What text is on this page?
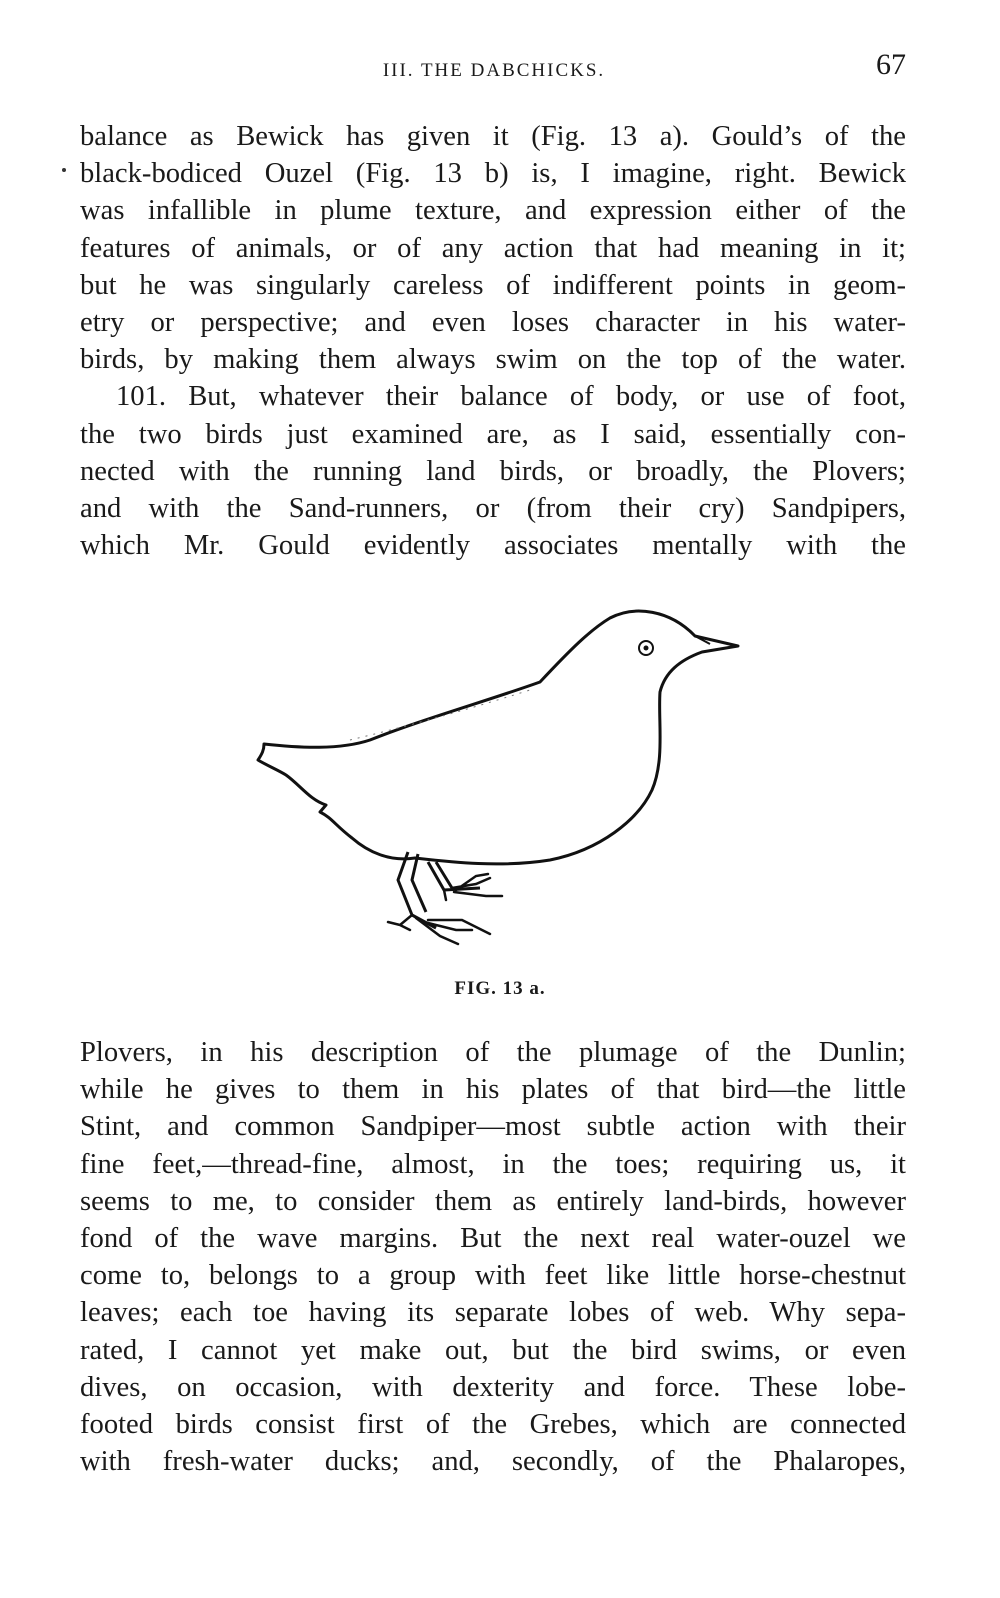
III. THE DABCHICKS.	67
balance as Bewick has given it (Fig. 13 a). Gould’s of the
black-bodiced Ouzel (Fig. 13 b) is, I imagine, right. Bewick
was infallible in plume texture, and expression either of the
features of animals, or of any action that had meaning in it;
but he was singularly careless of indifferent points in geom-
etry or perspective; and even loses character in his water-
birds, by making them always swim on the top of the water.
101. But, whatever their balance of body, or use of foot,
the two birds just examined are, as I said, essentially con-
nected with the running land birds, or broadly, the Plovers;
and with the Sand-runners, or (from their cry) Sandpipers,
which Mr. Gould evidently associates mentally with the
FIG. 13 a.
Plovers, in his description of the plumage of the Dunlin;
while he gives to them in his plates of that bird—the little
Stint, and common Sandpiper—most subtle action with their
fine feet,—thread-fine, almost, in the toes; requiring us, it
seems to me, to consider them as entirely land-birds, however
fond of the wave margins. But the next real water-ouzel we
come to, belongs to a group with feet like little horse-chestnut
leaves; each toe having its separate lobes of web. Why sepa-
rated, I cannot yet make out, but the bird swims, or even
dives, on occasion, with dexterity and force. These lobe-
footed birds consist first of the Grebes, which are connected
with fresh-water ducks; and, secondly, of the Phalaropes,
